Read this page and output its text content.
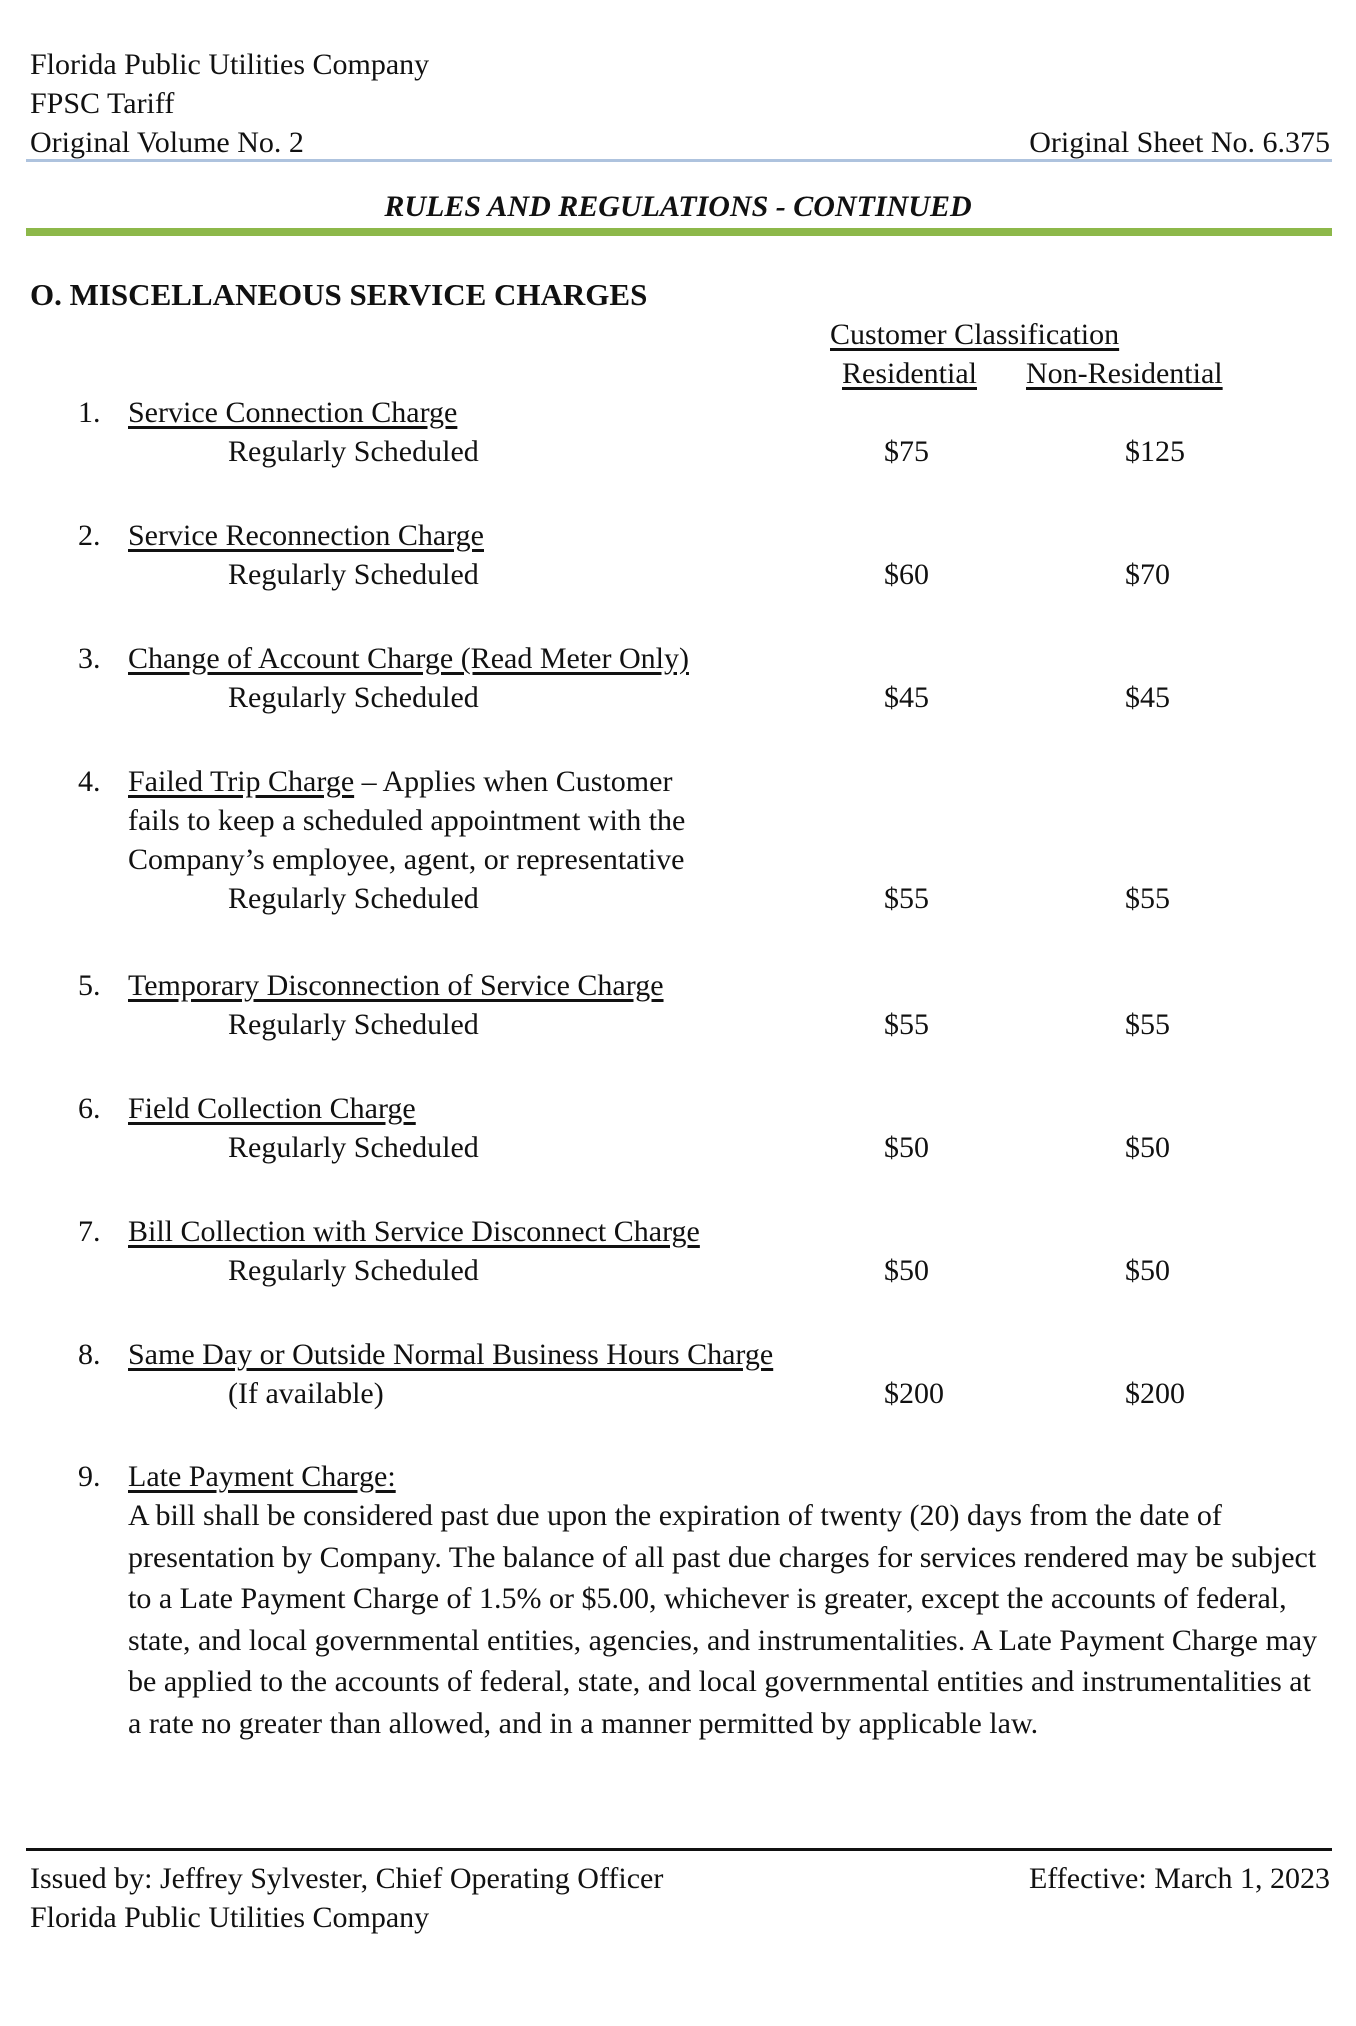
Florida Public Utilities Company
FPSC Tariff
Original Volume No. 2	Original Sheet No. 6.375
RULES AND REGULATIONS - CONTINUED
O. MISCELLANEOUS SERVICE CHARGES
Customer Classification
Residential Non-Residential
1. Service Connection Charge
Regularly Scheduled	$75	$125
2. Service Reconnection Charge
Regularly Scheduled	$60	$70
3. Change of Account Charge (Read Meter Only)
Regularly Scheduled	$45	$45
4. Failed Trip Charge – Applies when Customer
fails to keep a scheduled appointment with the
Company’s employee, agent, or representative
Regularly Scheduled	$55	$55
5. Temporary Disconnection of Service Charge
Regularly Scheduled	$55	$55
6. Field Collection Charge
Regularly Scheduled	$50	$50
7. Bill Collection with Service Disconnect Charge
Regularly Scheduled	$50	$50
8. Same Day or Outside Normal Business Hours Charge
(If available)	$200	$200
9. Late Payment Charge:
A bill shall be considered past due upon the expiration of twenty (20) days from the date of presentation by Company. The balance of all past due charges for services rendered may be subject to a Late Payment Charge of 1.5% or $5.00, whichever is greater, except the accounts of federal, state, and local governmental entities, agencies, and instrumentalities. A Late Payment Charge may be applied to the accounts of federal, state, and local governmental entities and instrumentalities at a rate no greater than allowed, and in a manner permitted by applicable law.
Issued by: Jeffrey Sylvester, Chief Operating Officer	Effective: March 1, 2023
Florida Public Utilities Company
